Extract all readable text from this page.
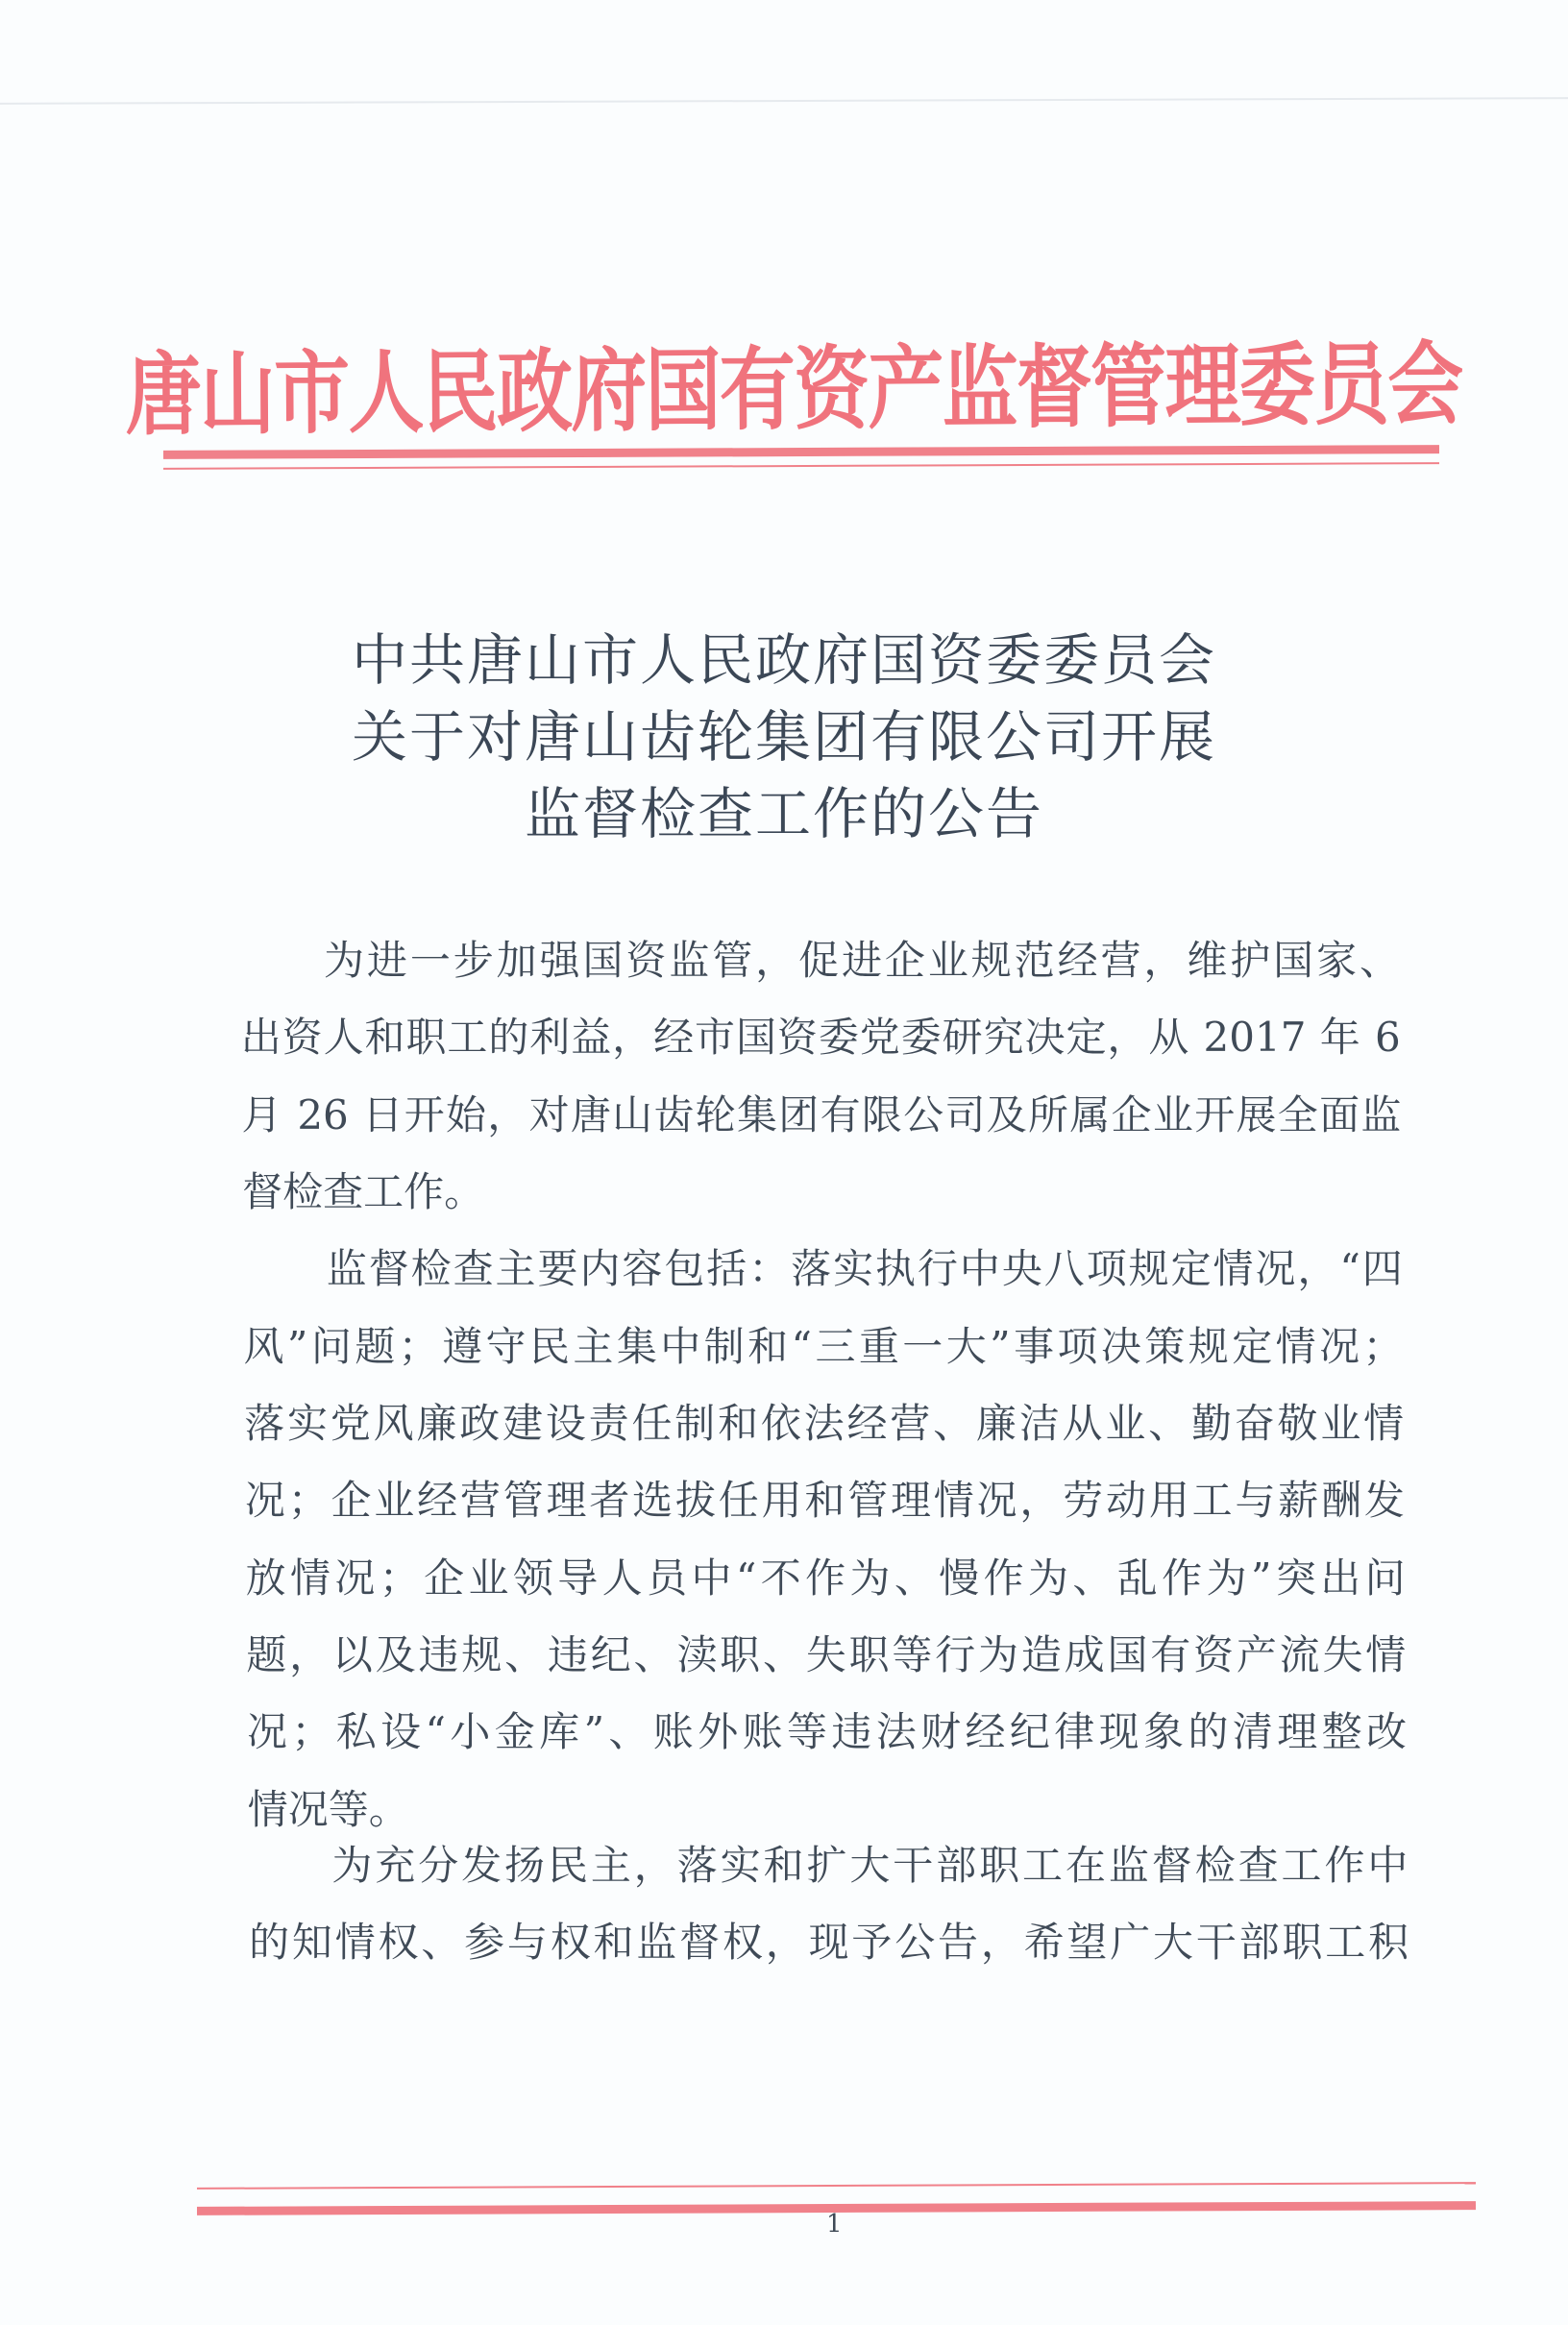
唐山市人民政府国有资产监督管理委员会
中共唐山市人民政府国资委委员会
关于对唐山齿轮集团有限公司开展
监督检查工作的公告
为进一步加强国资监管，促进企业规范经营，维护国家、
出资人和职工的利益，经市国资委党委研究决定，从 2017 年 6
月 26 日开始，对唐山齿轮集团有限公司及所属企业开展全面监
督检查工作。
监督检查主要内容包括：落实执行中央八项规定情况，“四
风”问题；遵守民主集中制和“三重一大”事项决策规定情况；
落实党风廉政建设责任制和依法经营、廉洁从业、勤奋敬业情
况；企业经营管理者选拔任用和管理情况，劳动用工与薪酬发
放情况；企业领导人员中“不作为、慢作为、乱作为”突出问
题，以及违规、违纪、渎职、失职等行为造成国有资产流失情
况；私设“小金库”、账外账等违法财经纪律现象的清理整改
情况等。
为充分发扬民主，落实和扩大干部职工在监督检查工作中
的知情权、参与权和监督权，现予公告，希望广大干部职工积
1
